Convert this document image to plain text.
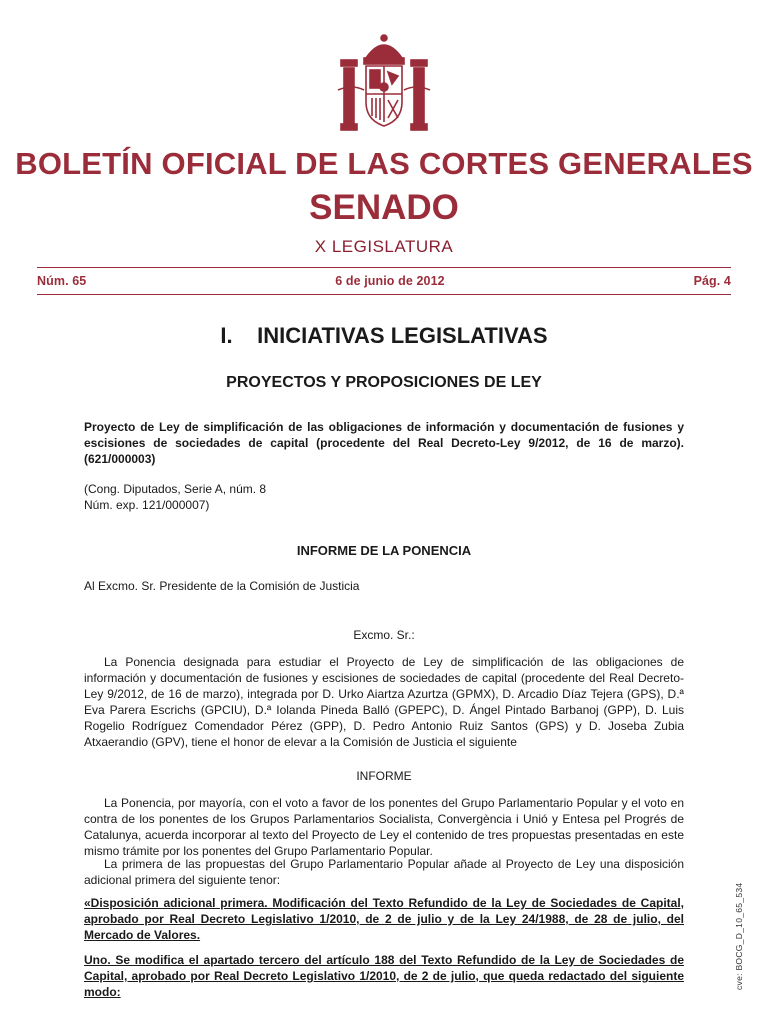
BOLETÍN OFICIAL DE LAS CORTES GENERALES
SENADO
X LEGISLATURA
Núm. 65	6 de junio de 2012	Pág. 4
I.    INICIATIVAS LEGISLATIVAS
PROYECTOS Y PROPOSICIONES DE LEY

Proyecto de Ley de simplificación de las obligaciones de información y documentación de fusiones y escisiones de sociedades de capital (procedente del Real Decreto-Ley 9/2012, de 16 de marzo). (621/000003)

(Cong. Diputados, Serie A, núm. 8
Núm. exp. 121/000007)
INFORME DE LA PONENCIA
Al Excmo. Sr. Presidente de la Comisión de Justicia
Excmo. Sr.:

La Ponencia designada para estudiar el Proyecto de Ley de simplificación de las obligaciones de información y documentación de fusiones y escisiones de sociedades de capital (procedente del Real Decreto-Ley 9/2012, de 16 de marzo), integrada por D. Urko Aiartza Azurtza (GPMX), D. Arcadio Díaz Tejera (GPS), D.ª Eva Parera Escrichs (GPCIU), D.ª Iolanda Pineda Balló (GPEPC), D. Ángel Pintado Barbanoj (GPP), D. Luis Rogelio Rodríguez Comendador Pérez (GPP), D. Pedro Antonio Ruiz Santos (GPS) y D. Joseba Zubia Atxaerandio (GPV), tiene el honor de elevar a la Comisión de Justicia el siguiente

INFORME

La Ponencia, por mayoría, con el voto a favor de los ponentes del Grupo Parlamentario Popular y el voto en contra de los ponentes de los Grupos Parlamentarios Socialista, Convergència i Unió y Entesa pel Progrés de Catalunya, acuerda incorporar al texto del Proyecto de Ley el contenido de tres propuestas presentadas en este mismo trámite por los ponentes del Grupo Parlamentario Popular.

La primera de las propuestas del Grupo Parlamentario Popular añade al Proyecto de Ley una disposición adicional primera del siguiente tenor:

«Disposición adicional primera. Modificación del Texto Refundido de la Ley de Sociedades de Capital, aprobado por Real Decreto Legislativo 1/2010, de 2 de julio y de la Ley 24/1988, de 28 de julio, del Mercado de Valores.

Uno. Se modifica el apartado tercero del artículo 188 del Texto Refundido de la Ley de Sociedades de Capital, aprobado por Real Decreto Legislativo 1/2010, de 2 de julio, que queda redactado del siguiente modo:

cve: BOCG_D_10_65_534
